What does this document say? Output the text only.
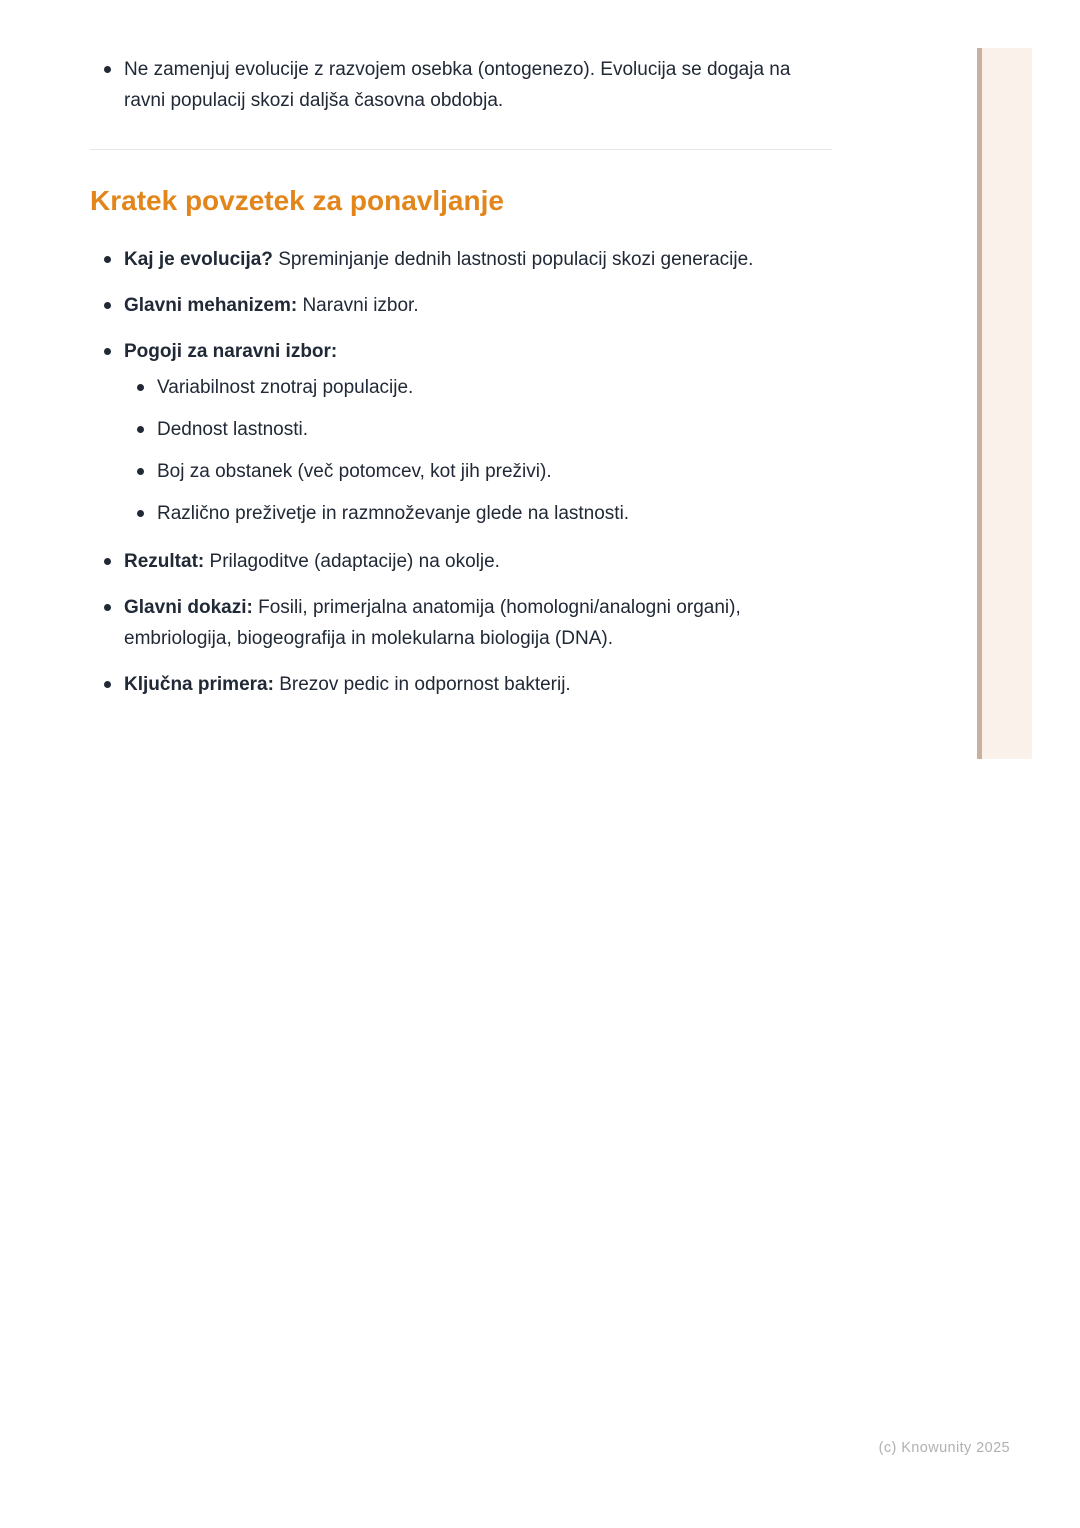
Ne zamenjuj evolucije z razvojem osebka (ontogenezo). Evolucija se dogaja na ravni populacij skozi daljša časovna obdobja.
Kratek povzetek za ponavljanje
Kaj je evolucija? Spreminjanje dednih lastnosti populacij skozi generacije.
Glavni mehanizem: Naravni izbor.
Pogoji za naravni izbor:
Variabilnost znotraj populacije.
Dednost lastnosti.
Boj za obstanek (več potomcev, kot jih preživi).
Različno preživetje in razmnoževanje glede na lastnosti.
Rezultat: Prilagoditve (adaptacije) na okolje.
Glavni dokazi: Fosili, primerjalna anatomija (homologni/analogni organi), embriologija, biogeografija in molekularna biologija (DNA).
Ključna primera: Brezov pedic in odpornost bakterij.
(c) Knowunity 2025
